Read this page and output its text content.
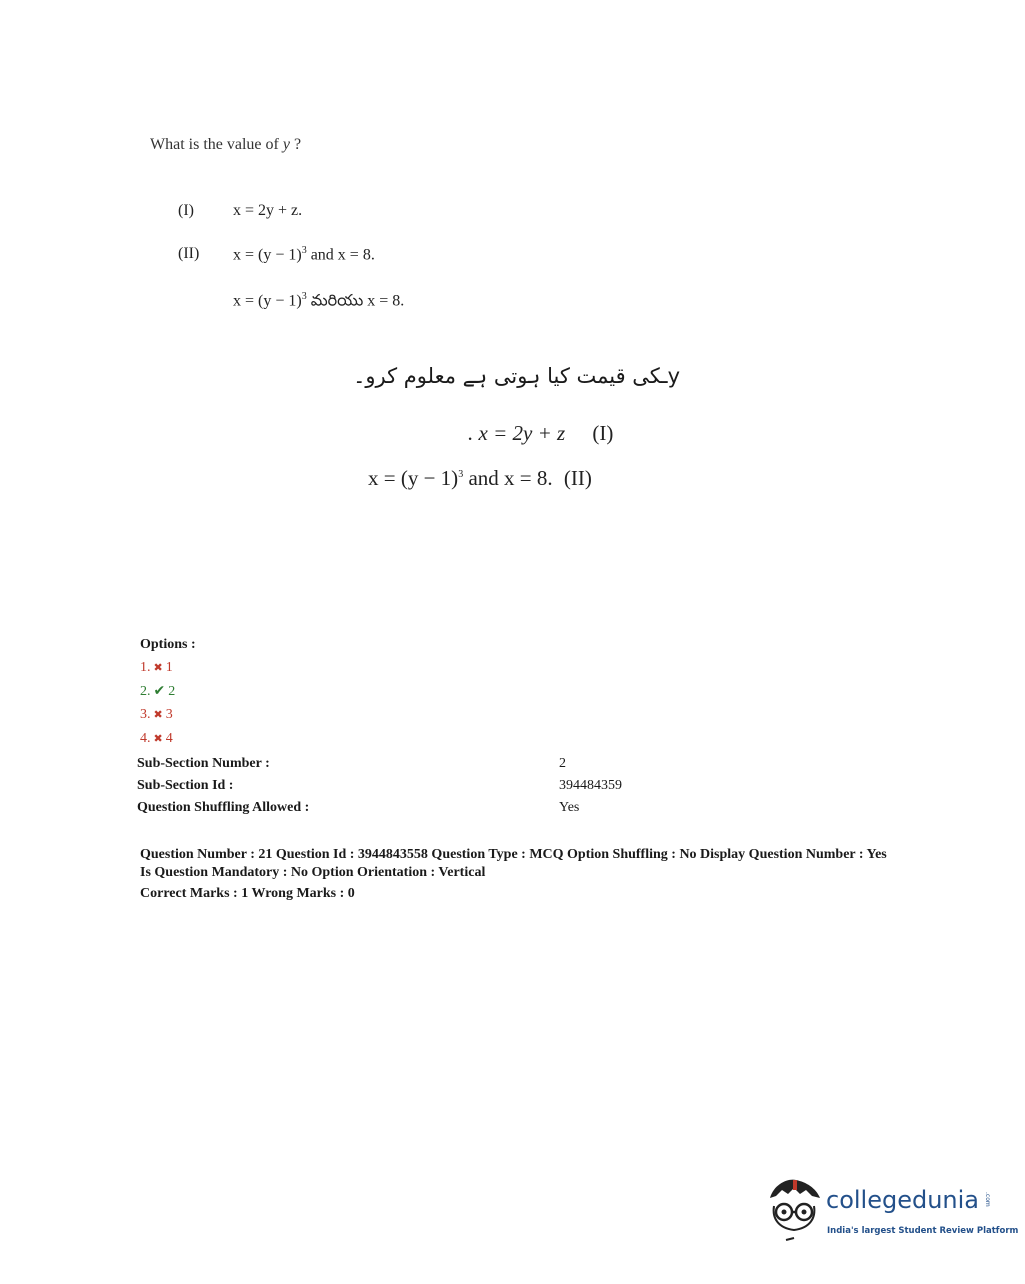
What is the value of y ?
(I) x = 2y + z.
(II) $x = (y - 1)^3$ and x = 8.
$x = (y - 1)^3$ మరియు x = 8.
yـکی قیمت کیا ہوتی ہے معلوم کرو۔
. x = 2y + z (I)
$x = (y - 1)^3$ and x = 8. (II)
Options :
1. ✖ 1
2. ✔ 2
3. ✖ 3
4. ✖ 4
Sub-Section Number :	2
Sub-Section Id :	394484359
Question Shuffling Allowed :	Yes
Question Number : 21 Question Id : 3944843558 Question Type : MCQ Option Shuffling : No Display Question Number : Yes Is Question Mandatory : No Option Orientation : Vertical
Correct Marks : 1 Wrong Marks : 0
collegedunia .com
India's largest Student Review Platform
